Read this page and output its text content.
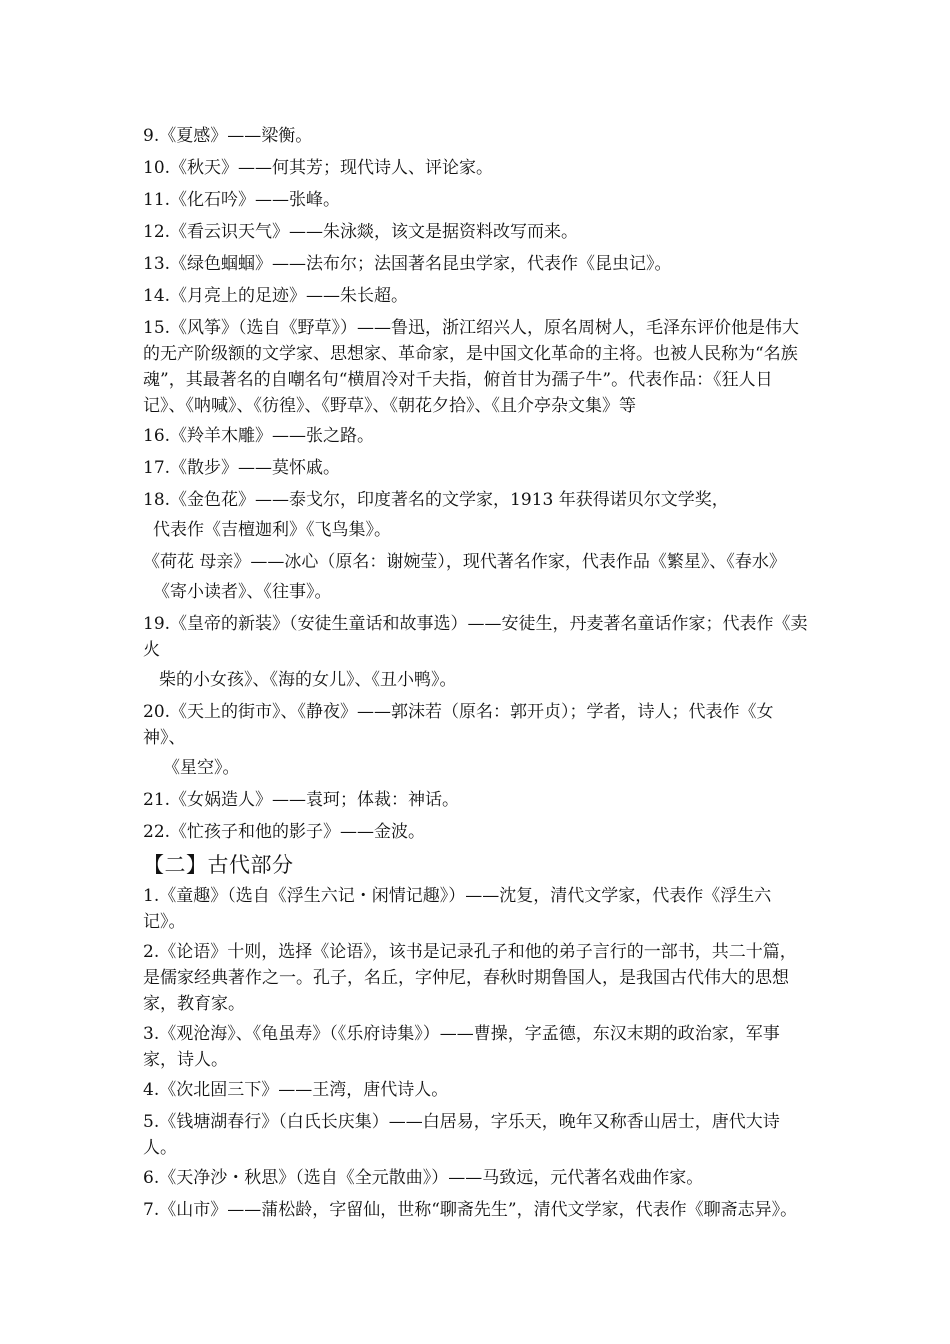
9.《夏感》——梁衡。

10.《秋天》——何其芳；现代诗人、评论家。

11.《化石吟》——张峰。

12.《看云识天气》——朱泳燚，该文是据资料改写而来。

13.《绿色蝈蝈》——法布尔；法国著名昆虫学家，代表作《昆虫记》。

14.《月亮上的足迹》——朱长超。

15.《风筝》（选自《野草》）——鲁迅，浙江绍兴人，原名周树人，毛泽东评价他是伟大的无产阶级额的文学家、思想家、革命家，是中国文化革命的主将。也被人民称为“名族魂”，其最著名的自嘲名句“横眉冷对千夫指，俯首甘为孺子牛”。代表作品：《狂人日记》、《呐喊》、《彷徨》、《野草》、《朝花夕拾》、《且介亭杂文集》等

16.《羚羊木雕》——张之路。

17.《散步》——莫怀戚。

18.《金色花》——泰戈尔，印度著名的文学家，1913 年获得诺贝尔文学奖，

代表作《吉檀迦利》《飞鸟集》。

《荷花 母亲》——冰心（原名：谢婉莹），现代著名作家，代表作品《繁星》、《春水》

《寄小读者》、《往事》。

19.《皇帝的新装》（安徒生童话和故事选）——安徒生，丹麦著名童话作家；代表作《卖火

柴的小女孩》、《海的女儿》、《丑小鸭》。

20.《天上的街市》、《静夜》——郭沫若（原名：郭开贞）；学者，诗人；代表作《女神》、

《星空》。

21.《女娲造人》——袁珂；体裁：神话。

22.《忙孩子和他的影子》——金波。

【二】古代部分

1.《童趣》（选自《浮生六记・闲情记趣》）——沈复，清代文学家，代表作《浮生六记》。

2.《论语》十则，选择《论语》，该书是记录孔子和他的弟子言行的一部书，共二十篇，是儒家经典著作之一。孔子，名丘，字仲尼，春秋时期鲁国人，是我国古代伟大的思想家，教育家。

3.《观沧海》、《龟虽寿》（《乐府诗集》）——曹操，字孟德，东汉末期的政治家，军事家，诗人。

4.《次北固三下》——王湾，唐代诗人。

5.《钱塘湖春行》（白氏长庆集）——白居易，字乐天，晚年又称香山居士，唐代大诗人。

6.《天净沙・秋思》（选自《全元散曲》）——马致远，元代著名戏曲作家。

7.《山市》——蒲松龄，字留仙，世称“聊斋先生”，清代文学家，代表作《聊斋志异》。
